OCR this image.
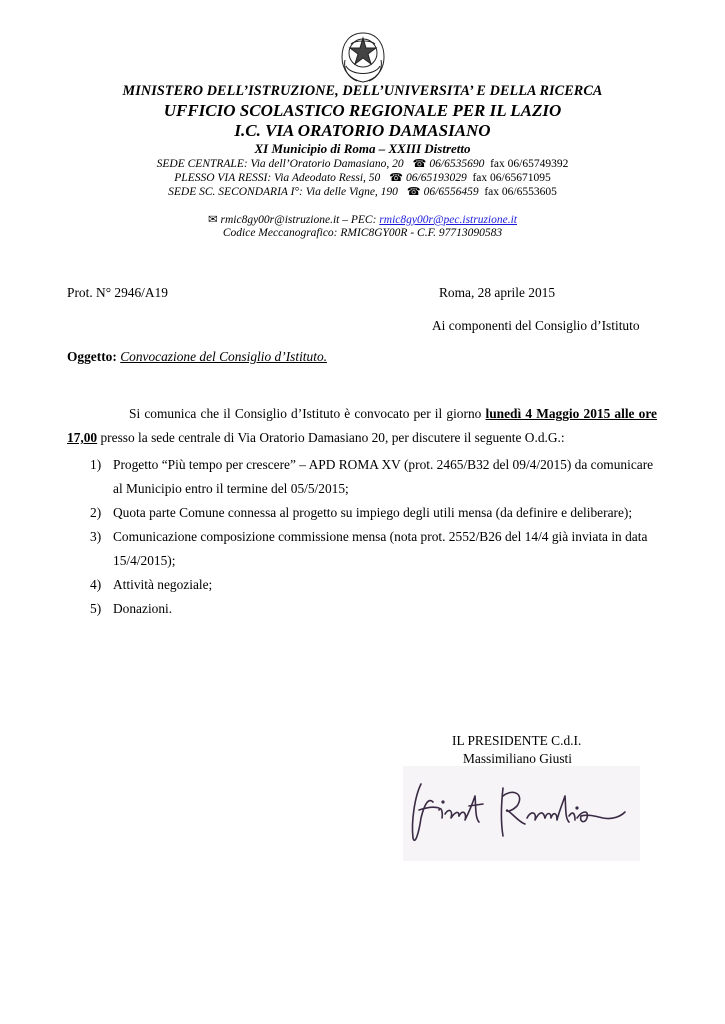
MINISTERO DELL’ISTRUZIONE, DELL’UNIVERSITA’ E DELLA RICERCA
UFFICIO SCOLASTICO REGIONALE PER IL LAZIO
I.C. VIA ORATORIO DAMASIANO
XI Municipio di Roma – XXIII Distretto
SEDE CENTRALE: Via dell’Oratorio Damasiano, 20 ☎ 06/6535690 fax 06/65749392
PLESSO VIA RESSI: Via Adeodato Ressi, 50 ☎ 06/65193029 fax 06/65671095
SEDE SC. SECONDARIA I°: Via delle Vigne, 190 ☎ 06/6556459 fax 06/6553605
✉ rmic8gy00r@istruzione.it – PEC: rmic8gy00r@pec.istruzione.it
Codice Meccanografico: RMIC8GY00R - C.F. 97713090583
Prot. N° 2946/A19	Roma, 28 aprile 2015
Ai componenti del Consiglio d’Istituto
Oggetto: Convocazione del Consiglio d’Istituto.
Si comunica che il Consiglio d’Istituto è convocato per il giorno lunedì 4 Maggio 2015 alle ore 17,00 presso la sede centrale di Via Oratorio Damasiano 20, per discutere il seguente O.d.G.:
1) Progetto “Più tempo per crescere” – APD ROMA XV (prot. 2465/B32 del 09/4/2015) da comunicare al Municipio entro il termine del 05/5/2015;
2) Quota parte Comune connessa al progetto su impiego degli utili mensa (da definire e deliberare);
3) Comunicazione composizione commissione mensa (nota prot. 2552/B26 del 14/4 già inviata in data 15/4/2015);
4) Attività negoziale;
5) Donazioni.
IL PRESIDENTE C.d.I.
Massimiliano Giusti
